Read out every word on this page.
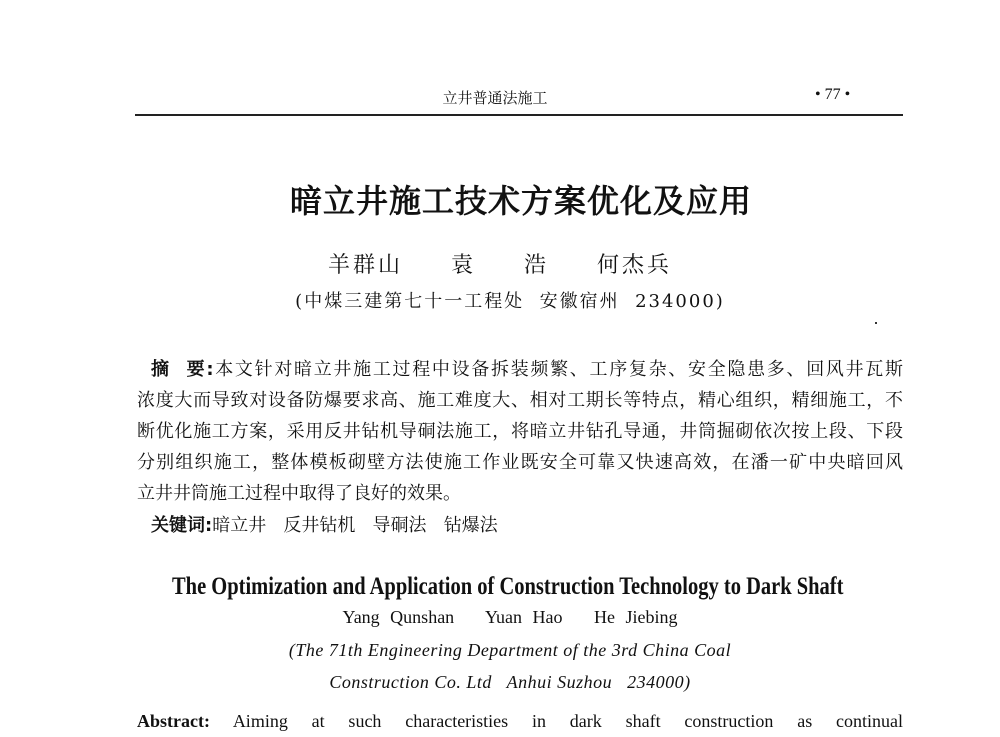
立井普通法施工	• 77 •
暗立井施工技术方案优化及应用
羊群山  袁  浩  何杰兵
(中煤三建第七十一工程处  安徽宿州  234000)
摘  要:本文针对暗立井施工过程中设备拆装频繁、工序复杂、安全隐患多、回风井瓦斯
浓度大而导致对设备防爆要求高、施工难度大、相对工期长等特点，精心组织，精细施工，不
断优化施工方案，采用反井钻机导硐法施工，将暗立井钻孔导通，井筒掘砌依次按上段、下段
分别组织施工，整体模板砌壁方法使施工作业既安全可靠又快速高效，在潘一矿中央暗回风
立井井筒施工过程中取得了良好的效果。
关键词:暗立井   反井钻机   导硐法   钻爆法
The Optimization and Application of Construction Technology to Dark Shaft
Yang Qunshan   Yuan Hao   He Jiebing
(The 71th Engineering Department of the 3rd China Coal
Construction Co. Ltd   Anhui Suzhou   234000)
Abstract: Aiming at such characteristies in dark shaft construction as continual
